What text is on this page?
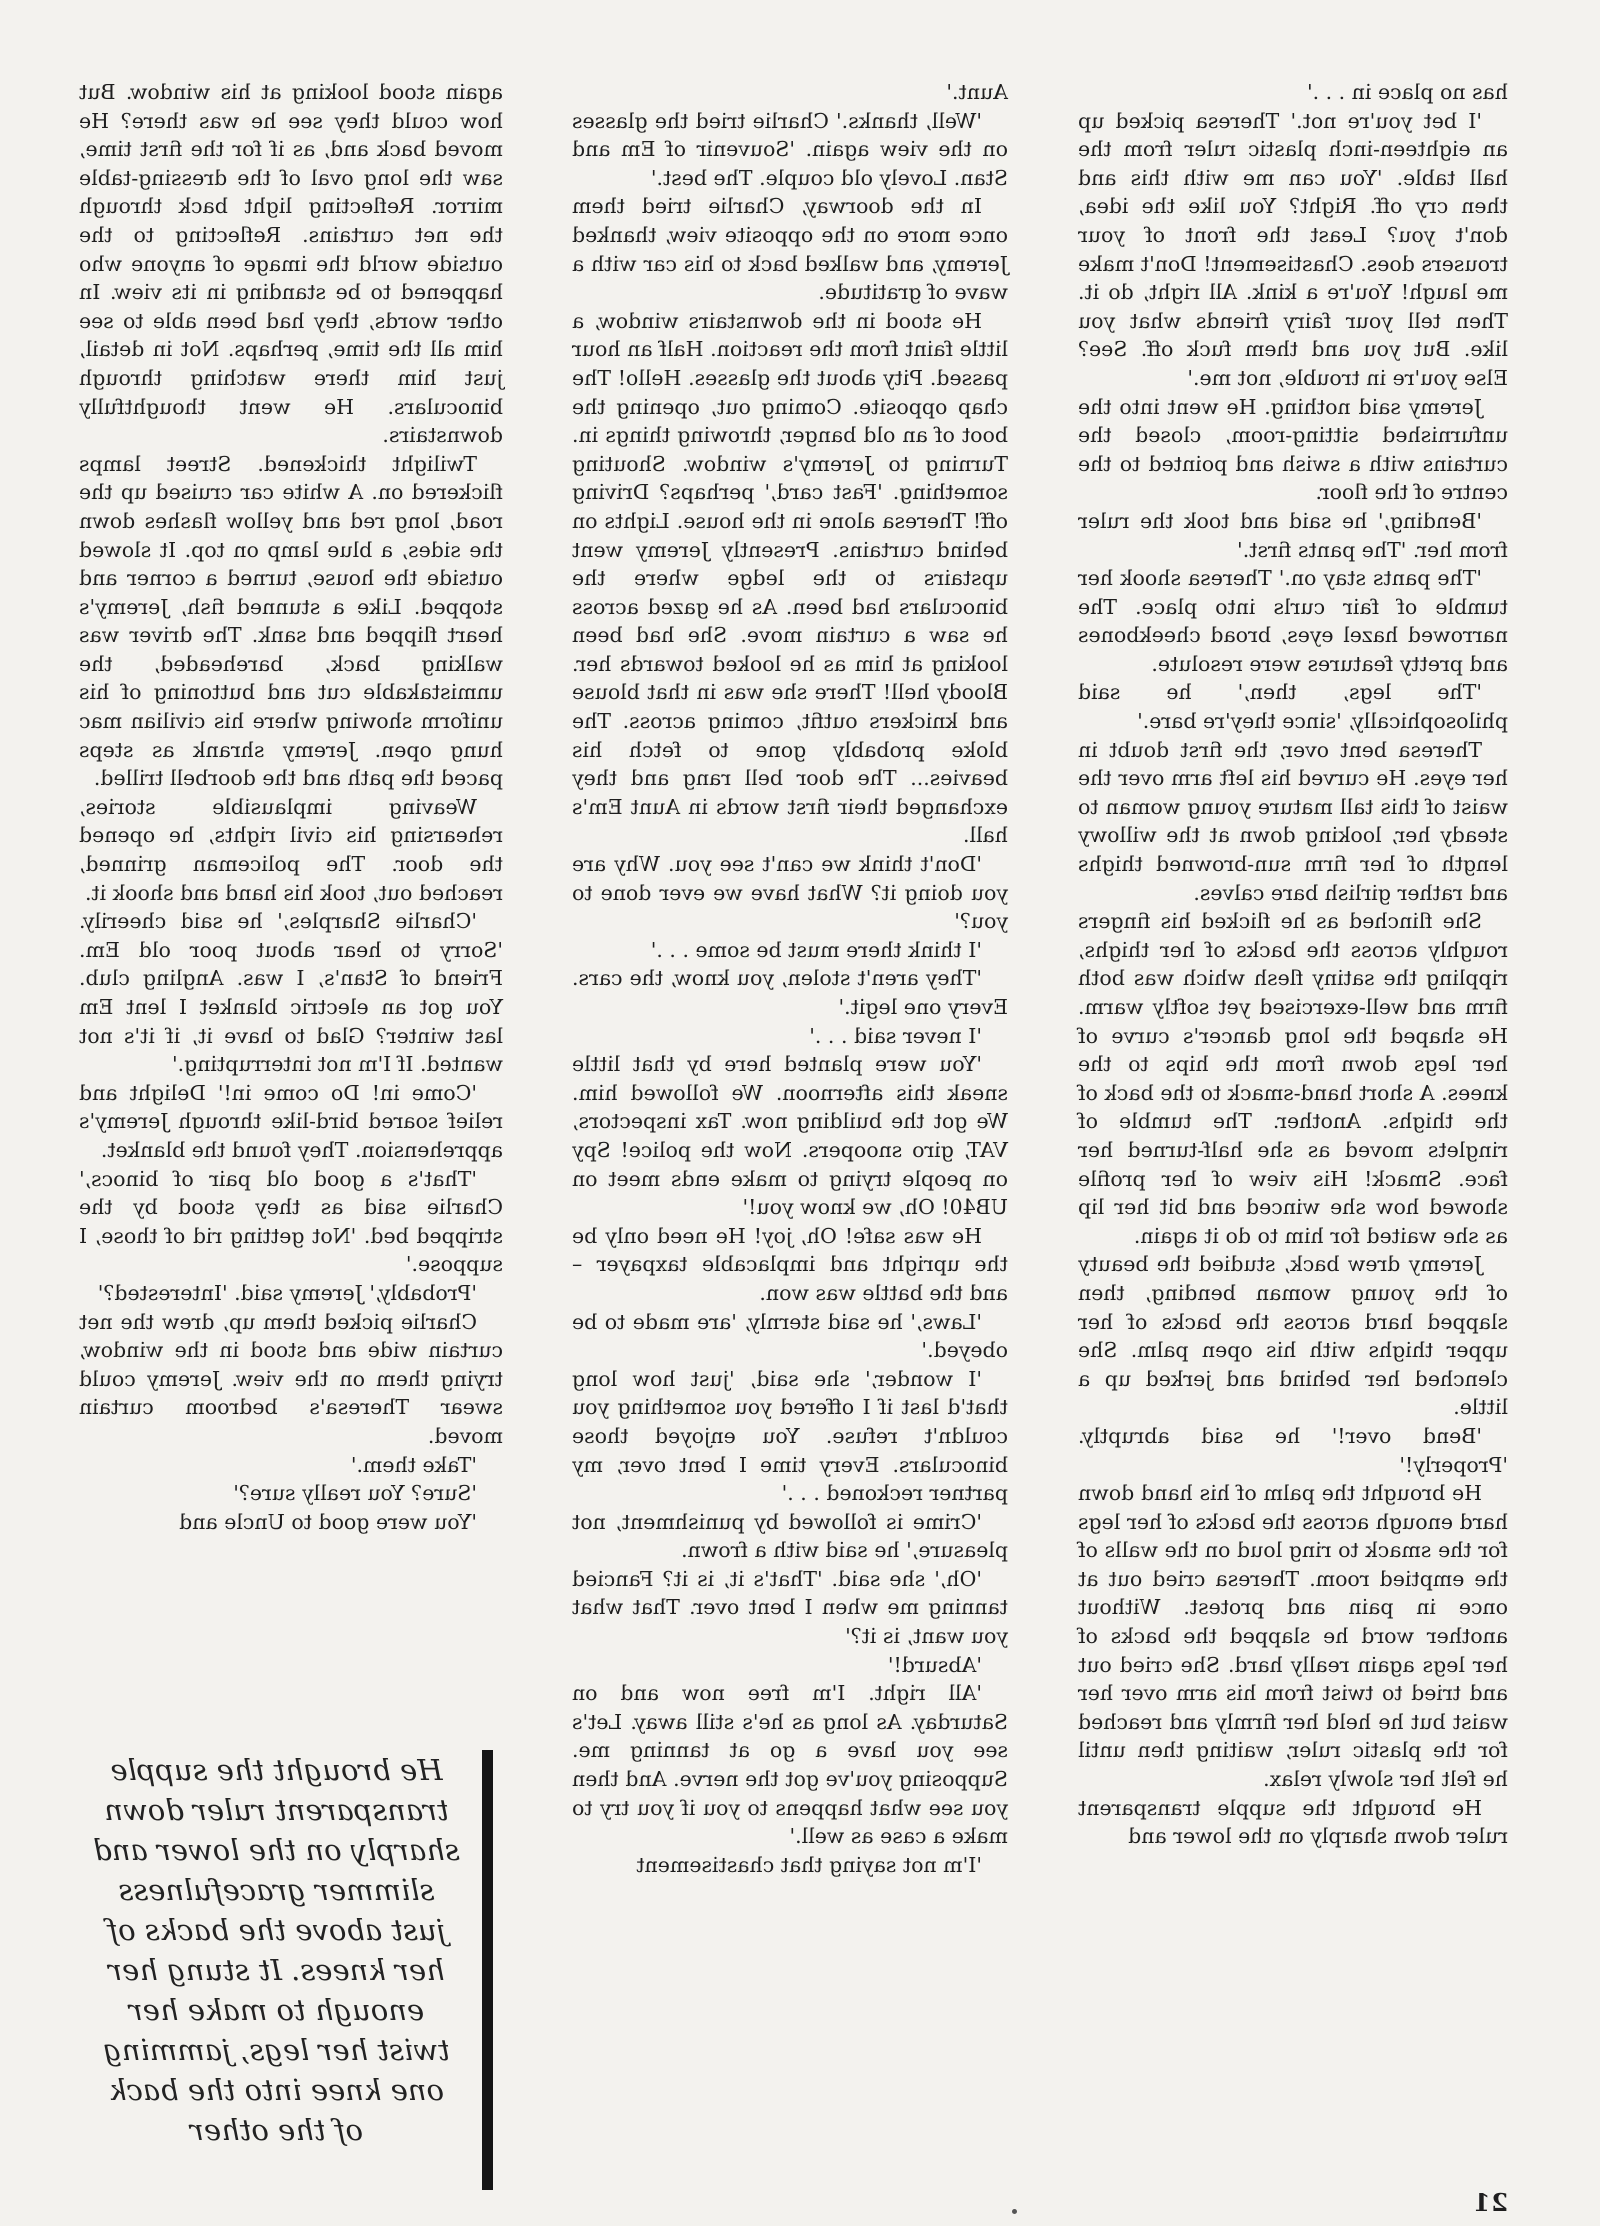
has no place in . . .'

'I bet you're not.' Theresa picked up an eighteen-inch plastic ruler from the hall table. 'You can me with this and then cry off. Right? You like the idea, don't you? Least the front of your trousers does. Chastisement! Don't make me laugh! You're a kink. All right, do it. Then tell your fairy friends what you like. But you and them fuck off. See? Else you're in trouble, not me.'

Jeremy said nothing. He went into the unfurnished sitting-room, closed the curtains with a swish and pointed to the centre of the floor.

'Bending,' he said and took the ruler from her. 'The pants first.'

'The pants stay on.' Theresa shook her tumble of fair curls into place. The narrowed hazel eyes, broad cheekbones and pretty features were resolute.

'The legs, then,' he said philosophically, 'since they're bare.'

Theresa bent over, the first doubt in her eyes. He curved his left arm over the waist of this tall mature young woman to steady her, looking down at the willowy length of her firm sun-browned thighs and rather girlish bare calves.

She flinched as he flicked his fingers roughly across the backs of her thighs, rippling the satiny flesh which was both firm and well-exercised yet softly warm. He shaped the long dancer's curve of her legs down from the hips to the knees. A short hand-smack to the back of the thighs. Another. The tumble of ringlets moved as she half-turned her face. Smack! His view of her profile showed how she winced and bit her lip as she waited for him to do it again.

Jeremy drew back, studied the beauty of the young woman bending, then slapped hard across the backs of her upper thighs with his open palm. She clenched her behind and jerked up a little.

'Bend over!' he said abruptly. 'Properly!'

He brought the palm of his hand down hard enough across the backs of her legs for the smack to ring loud on the walls of the emptied room. Theresa cried out at once in pain and protest. Without another word he slapped the backs of her legs again really hard. She cried out and tried to twist from his arm over her waist but he held her firmly and reached for the plastic ruler, waiting then until he felt her slowly relax.

He brought the supple transparent ruler down sharply on the lower and

Aunt.'

'Well, thanks.' Charlie tried the glasses on the view again. 'Souvenir of Em and Stan. Lovely old couple. The best.'

In the doorway, Charlie tried them once more on the opposite view, thanked Jeremy, and walked back to his car with a wave of gratitude.

He stood in the downstairs window, a little faint from the reaction. Half an hour passed. Pity about the glasses. Hello! The chap opposite. Coming out, opening the boot of an old banger, throwing things in. Turning to Jeremy's window. Shouting something. 'Fast card,' perhaps? Driving off! Theresa alone in the house. Lights on behind curtains. Presently Jeremy went upstairs to the ledge where the binoculars had been. As he gazed across he saw a curtain move. She had been looking at him as he looked towards her. Bloody hell! There she was in that blouse and knickers outfit, coming across. The bloke probably gone to fetch his beavies... The door bell rang and they exchanged their first words in Aunt Em's hall.

'Don't think we can't see you. Why are you doing it? What have we ever done to you?'

'I think there must be some . . .'

'They aren't stolen, you know, the cars. Every one legit.'

'I never said . . .'

'You were planted here by that little sneak this afternoon. We followed him. We got the building now. Tax inspectors, VAT, giro snoopers. Now the police! Spy on people trying to make ends meet on UB40! Oh, we know you!'

He was safe! Oh, joy! He need only be the upright and implacable taxpayer – and the battle was won.

'Laws,' he said sternly, 'are made to be obeyed.'

'I wonder,' she said, 'just how long that'd last if I offered you something you couldn't refuse. You enjoyed those binoculars. Every time I bent over, my partner reckoned . . .'

'Crime is followed by punishment, not pleasure,' he said with a frown.

'Oh,' she said. 'That's it, is it? Fancied tanning me when I bent over. That what you want, is it?'

'Absurd!'

'All right. I'm free now and on Saturday. As long as he's still away. Let's see you have a go at tanning me. Supposing you've got the nerve. And then you see what happens to you if you try to make a case as well.'

'I'm not saying that chastisement

again stood looking at his window. But how could they see he was there? He moved back and, as if for the first time, saw the long oval of the dressing-table mirror. Reflecting light back through the net curtains. Reflecting to the outside world the image of anyone who happened to be standing in its view. In other words, they had been able to see him all the time, perhaps. Not in detail, just him there watching through binoculars. He went thoughtfully downstairs.

Twilight thickened. Street lamps flickered on. A white car cruised up the road, long red and yellow flashes down the sides, a blue lamp on top. It slowed outside the house, turned a corner and stopped. Like a stunned fish, Jeremy's heart flipped and sank. The driver was walking back, bareheaded, the unmistakable cut and buttoning of his uniform showing where his civilian mac hung open. Jeremy shrank as steps paced the path and the doorbell trilled.

Weaving implausible stories, rehearsing his civil rights, he opened the door. The policeman grinned, reached out, took his hand and shook it.

'Charlie Sharples,' he said cheerily. 'Sorry to hear about poor old Em. Friend of Stan's, I was. Angling club. You got an electric blanket I lent Em last winter? Glad to have it, if it's not wanted. If I'm not interrupting.'

'Come in! Do come in!' Delight and relief soared bird-like through Jeremy's apprehension. They found the blanket.

'That's a good old pair of binocs,' Charlie said as they stood by the stripped bed. 'Not getting rid of those, I suppose.'

'Probably,' Jeremy said. 'Interested?'

Charlie picked them up, drew the net curtain wide and stood in the window, trying them on the view. Jeremy could swear Theresa's bedroom curtain moved.

'Take them.'

'Sure? You really sure?'

'You were good to Uncle and

He brought the supple transparent ruler down sharply on the lower and slimmer gracefulness just above the backs of her knees. It stung her enough to make her twist her legs, jamming one knee into the back of the other
21
